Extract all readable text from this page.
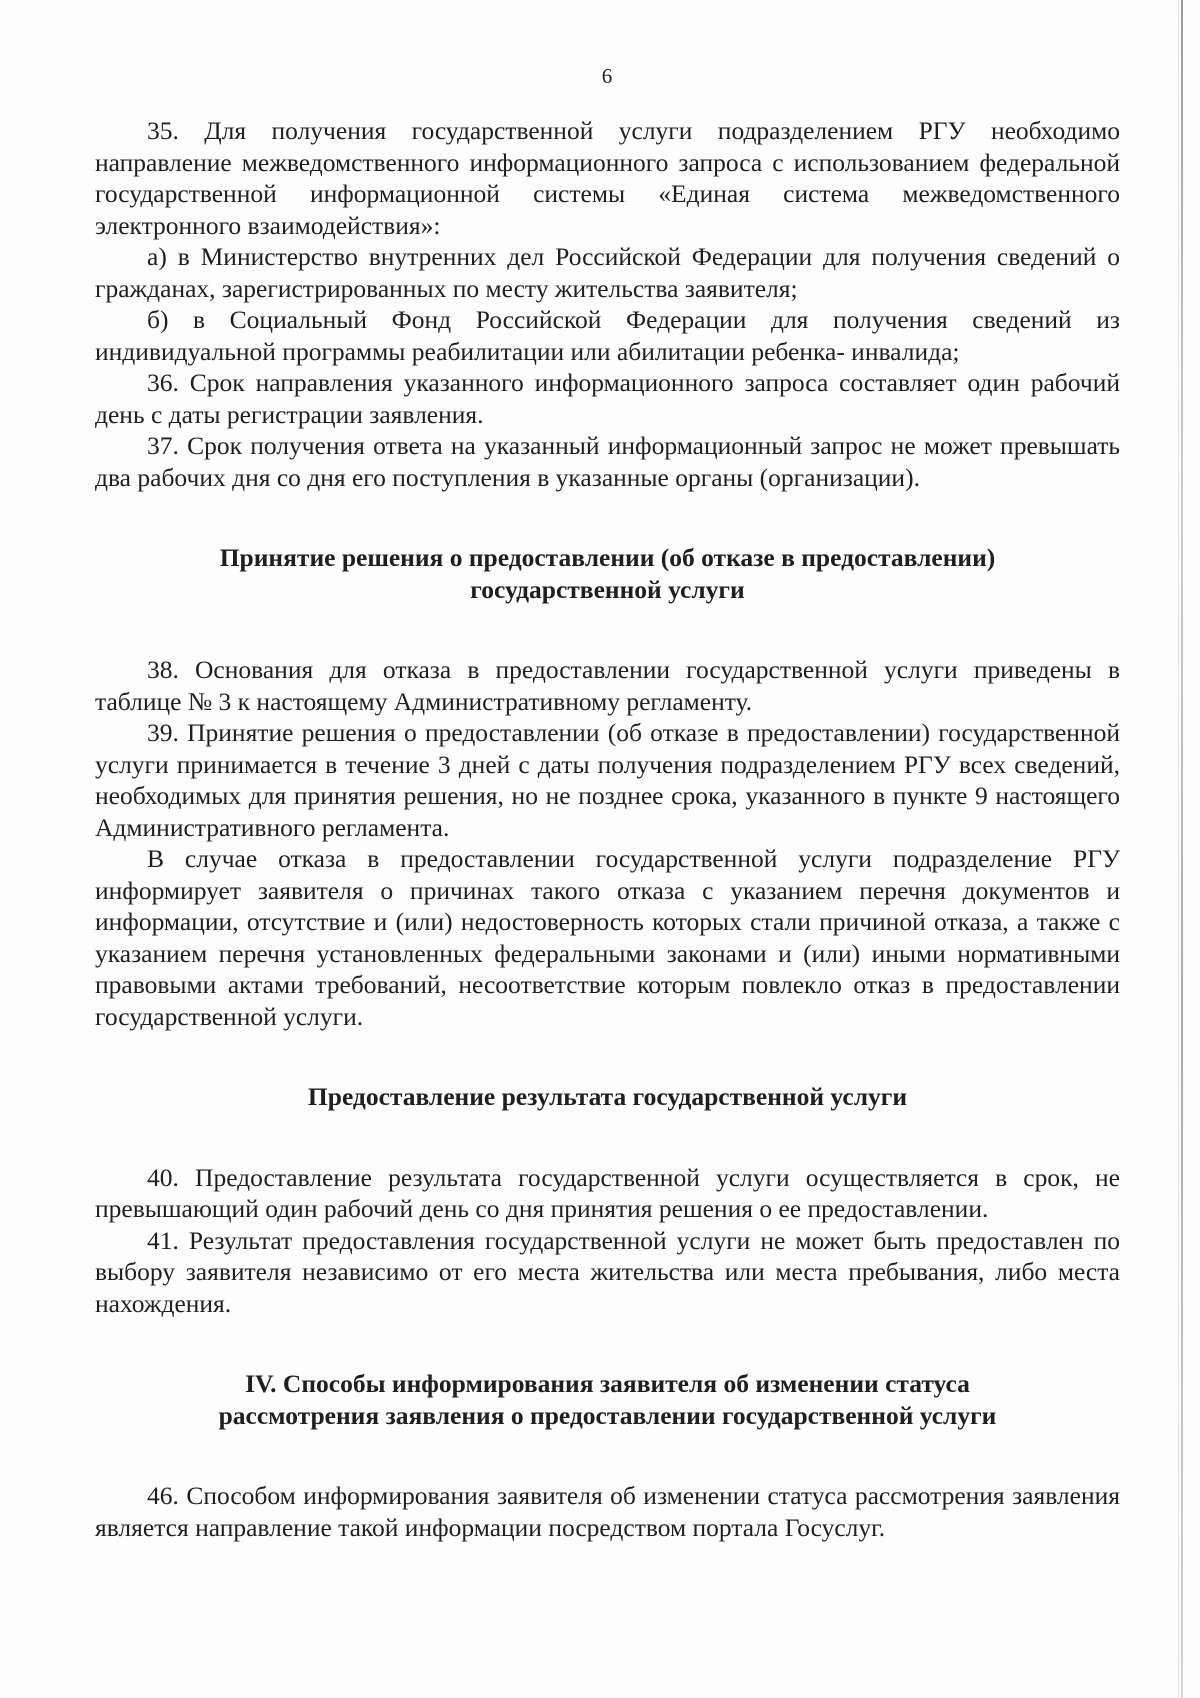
6

35. Для получения государственной услуги подразделением РГУ необходимо направление межведомственного информационного запроса с использованием федеральной государственной информационной системы «Единая система межведомственного электронного взаимодействия»:

а) в Министерство внутренних дел Российской Федерации для получения сведений о гражданах, зарегистрированных по месту жительства заявителя;

б) в Социальный Фонд Российской Федерации для получения сведений из индивидуальной программы реабилитации или абилитации ребенка- инвалида;

36. Срок направления указанного информационного запроса составляет один рабочий день с даты регистрации заявления.

37. Срок получения ответа на указанный информационный запрос не может превышать два рабочих дня со дня его поступления в указанные органы (организации).

Принятие решения о предоставлении (об отказе в предоставлении)
государственной услуги

38. Основания для отказа в предоставлении государственной услуги приведены в таблице № 3 к настоящему Административному регламенту.

39. Принятие решения о предоставлении (об отказе в предоставлении) государственной услуги принимается в течение 3 дней с даты получения подразделением РГУ всех сведений, необходимых для принятия решения, но не позднее срока, указанного в пункте 9 настоящего Административного регламента.

В случае отказа в предоставлении государственной услуги подразделение РГУ информирует заявителя о причинах такого отказа с указанием перечня документов и информации, отсутствие и (или) недостоверность которых стали причиной отказа, а также с указанием перечня установленных федеральными законами и (или) иными нормативными правовыми актами требований, несоответствие которым повлекло отказ в предоставлении государственной услуги.

Предоставление результата государственной услуги

40. Предоставление результата государственной услуги осуществляется в срок, не превышающий один рабочий день со дня принятия решения о ее предоставлении.

41. Результат предоставления государственной услуги не может быть предоставлен по выбору заявителя независимо от его места жительства или места пребывания, либо места нахождения.

IV. Способы информирования заявителя об изменении статуса
рассмотрения заявления о предоставлении государственной услуги

46. Способом информирования заявителя об изменении статуса рассмотрения заявления является направление такой информации посредством портала Госуслуг.
